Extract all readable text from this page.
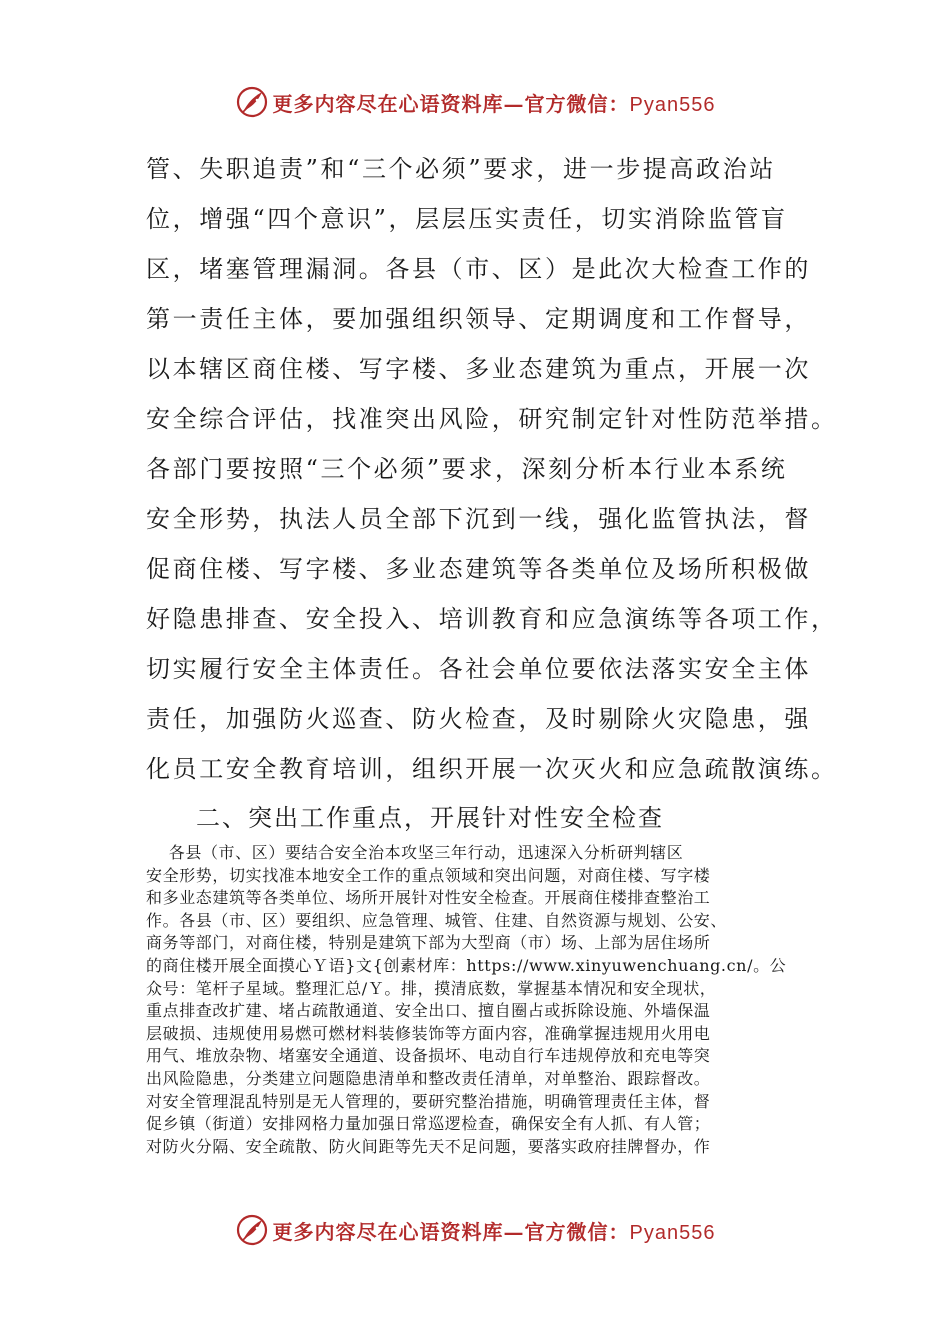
更多内容尽在心语资料库—官方微信：Pyan556

管、失职追责”和“三个必须”要求，进一步提高政治站

位，增强“四个意识”，层层压实责任，切实消除监管盲

区，堵塞管理漏洞。各县（市、区）是此次大检查工作的

第一责任主体，要加强组织领导、定期调度和工作督导，

以本辖区商住楼、写字楼、多业态建筑为重点，开展一次

安全综合评估，找准突出风险，研究制定针对性防范举措。

各部门要按照“三个必须”要求，深刻分析本行业本系统

安全形势，执法人员全部下沉到一线，强化监管执法，督

促商住楼、写字楼、多业态建筑等各类单位及场所积极做

好隐患排查、安全投入、培训教育和应急演练等各项工作，

切实履行安全主体责任。各社会单位要依法落实安全主体

责任，加强防火巡查、防火检查，及时剔除火灾隐患，强

化员工安全教育培训，组织开展一次灭火和应急疏散演练。

二、突出工作重点，开展针对性安全检查

各县（市、区）要结合安全治本攻坚三年行动，迅速深入分析研判辖区

安全形势，切实找准本地安全工作的重点领域和突出问题，对商住楼、写字楼

和多业态建筑等各类单位、场所开展针对性安全检查。开展商住楼排查整治工

作。各县（市、区）要组织、应急管理、城管、住建、自然资源与规划、公安、

商务等部门，对商住楼，特别是建筑下部为大型商（市）场、上部为居住场所

的商住楼开展全面摸心Ｙ语}文{创素材库：https://www.xinyuwenchuang.cn/。公

众号：笔杆子星域。整理汇总/Ｙ。排，摸清底数，掌握基本情况和安全现状，

重点排查改扩建、堵占疏散通道、安全出口、擅自圈占或拆除设施、外墙保温

层破损、违规使用易燃可燃材料装修装饰等方面内容，准确掌握违规用火用电

用气、堆放杂物、堵塞安全通道、设备损坏、电动自行车违规停放和充电等突

出风险隐患，分类建立问题隐患清单和整改责任清单，对单整治、跟踪督改。

对安全管理混乱特别是无人管理的，要研究整治措施，明确管理责任主体，督

促乡镇（街道）安排网格力量加强日常巡逻检查，确保安全有人抓、有人管；

对防火分隔、安全疏散、防火间距等先天不足问题，要落实政府挂牌督办，作

更多内容尽在心语资料库—官方微信：Pyan556
